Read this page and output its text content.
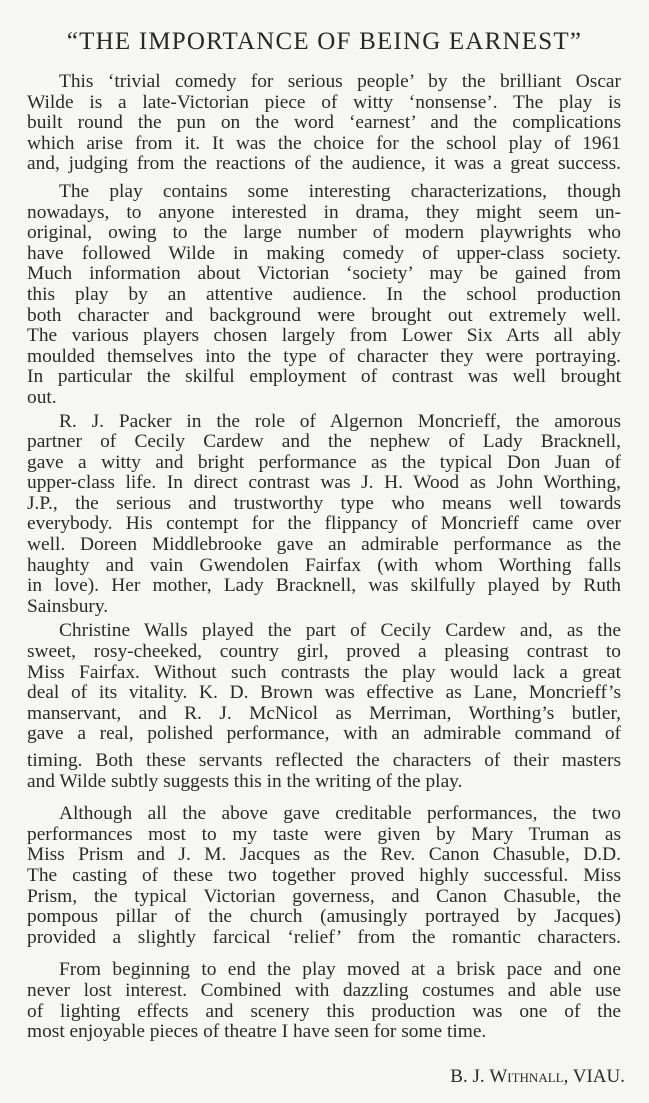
“THE IMPORTANCE OF BEING EARNEST”
This ‘trivial comedy for serious people’ by the brilliant Oscar
Wilde is a late-Victorian piece of witty ‘nonsense’. The play is
built round the pun on the word ‘earnest’ and the complications
which arise from it. It was the choice for the school play of 1961
and, judging from the reactions of the audience, it was a great success.
The play contains some interesting characterizations, though
nowadays, to anyone interested in drama, they might seem un-
original, owing to the large number of modern playwrights who
have followed Wilde in making comedy of upper-class society.
Much information about Victorian ‘society’ may be gained from
this play by an attentive audience. In the school production
both character and background were brought out extremely well.
The various players chosen largely from Lower Six Arts all ably
moulded themselves into the type of character they were portraying.
In particular the skilful employment of contrast was well brought
out.
R. J. Packer in the role of Algernon Moncrieff, the amorous
partner of Cecily Cardew and the nephew of Lady Bracknell,
gave a witty and bright performance as the typical Don Juan of
upper-class life. In direct contrast was J. H. Wood as John Worthing,
J.P., the serious and trustworthy type who means well towards
everybody. His contempt for the flippancy of Moncrieff came over
well. Doreen Middlebrooke gave an admirable performance as the
haughty and vain Gwendolen Fairfax (with whom Worthing falls
in love). Her mother, Lady Bracknell, was skilfully played by Ruth
Sainsbury.
Christine Walls played the part of Cecily Cardew and, as the
sweet, rosy-cheeked, country girl, proved a pleasing contrast to
Miss Fairfax. Without such contrasts the play would lack a great
deal of its vitality. K. D. Brown was effective as Lane, Moncrieff’s
manservant, and R. J. McNicol as Merriman, Worthing’s butler,
gave a real, polished performance, with an admirable command of
timing. Both these servants reflected the characters of their masters
and Wilde subtly suggests this in the writing of the play.
Although all the above gave creditable performances, the two
performances most to my taste were given by Mary Truman as
Miss Prism and J. M. Jacques as the Rev. Canon Chasuble, D.D.
The casting of these two together proved highly successful. Miss
Prism, the typical Victorian governess, and Canon Chasuble, the
pompous pillar of the church (amusingly portrayed by Jacques)
provided a slightly farcical ‘relief’ from the romantic characters.
From beginning to end the play moved at a brisk pace and one
never lost interest. Combined with dazzling costumes and able use
of lighting effects and scenery this production was one of the
most enjoyable pieces of theatre I have seen for some time.
B. J. Withnall, VIAU.
